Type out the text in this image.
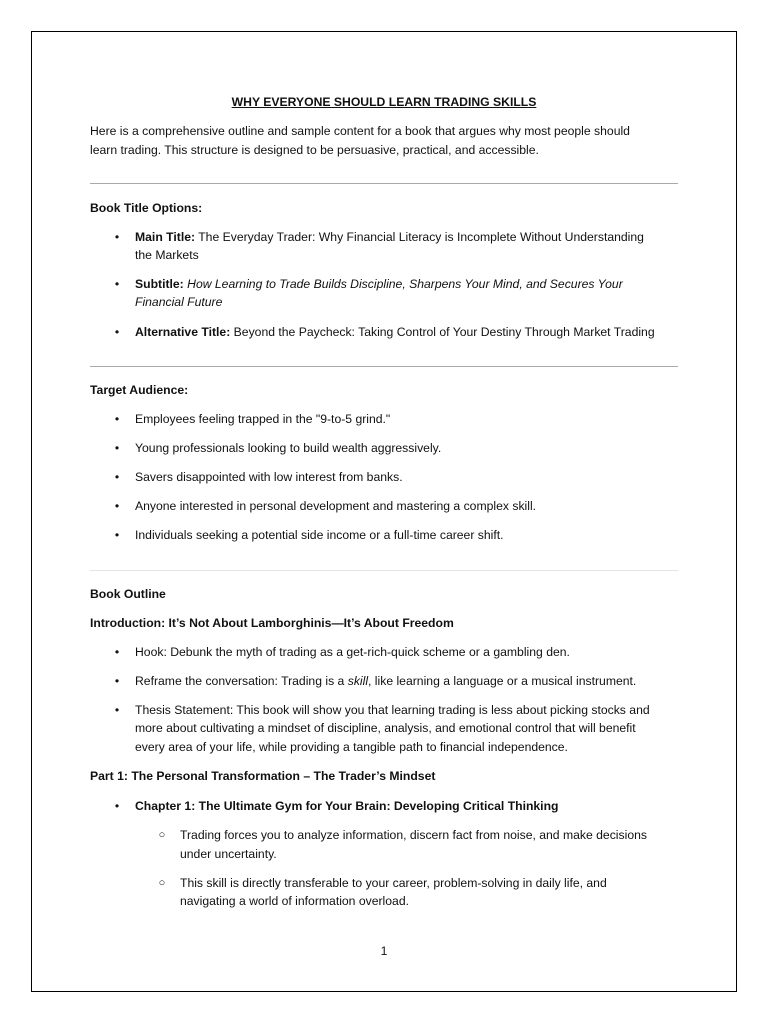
WHY EVERYONE SHOULD LEARN TRADING SKILLS

Here is a comprehensive outline and sample content for a book that argues why most people should

learn trading. This structure is designed to be persuasive, practical, and accessible.

Book Title Options:

• Main Title: The Everyday Trader: Why Financial Literacy is Incomplete Without Understanding

the Markets

• Subtitle: How Learning to Trade Builds Discipline, Sharpens Your Mind, and Secures Your

Financial Future

• Alternative Title: Beyond the Paycheck: Taking Control of Your Destiny Through Market Trading

Target Audience:

• Employees feeling trapped in the "9-to-5 grind."

• Young professionals looking to build wealth aggressively.

• Savers disappointed with low interest from banks.

• Anyone interested in personal development and mastering a complex skill.

• Individuals seeking a potential side income or a full-time career shift.

Book Outline

Introduction: It’s Not About Lamborghinis—It’s About Freedom

• Hook: Debunk the myth of trading as a get-rich-quick scheme or a gambling den.

• Reframe the conversation: Trading is a skill, like learning a language or a musical instrument.

• Thesis Statement: This book will show you that learning trading is less about picking stocks and

more about cultivating a mindset of discipline, analysis, and emotional control that will benefit

every area of your life, while providing a tangible path to financial independence.

Part 1: The Personal Transformation – The Trader’s Mindset

• Chapter 1: The Ultimate Gym for Your Brain: Developing Critical Thinking

○ Trading forces you to analyze information, discern fact from noise, and make decisions

under uncertainty.

○ This skill is directly transferable to your career, problem-solving in daily life, and

navigating a world of information overload.

1
